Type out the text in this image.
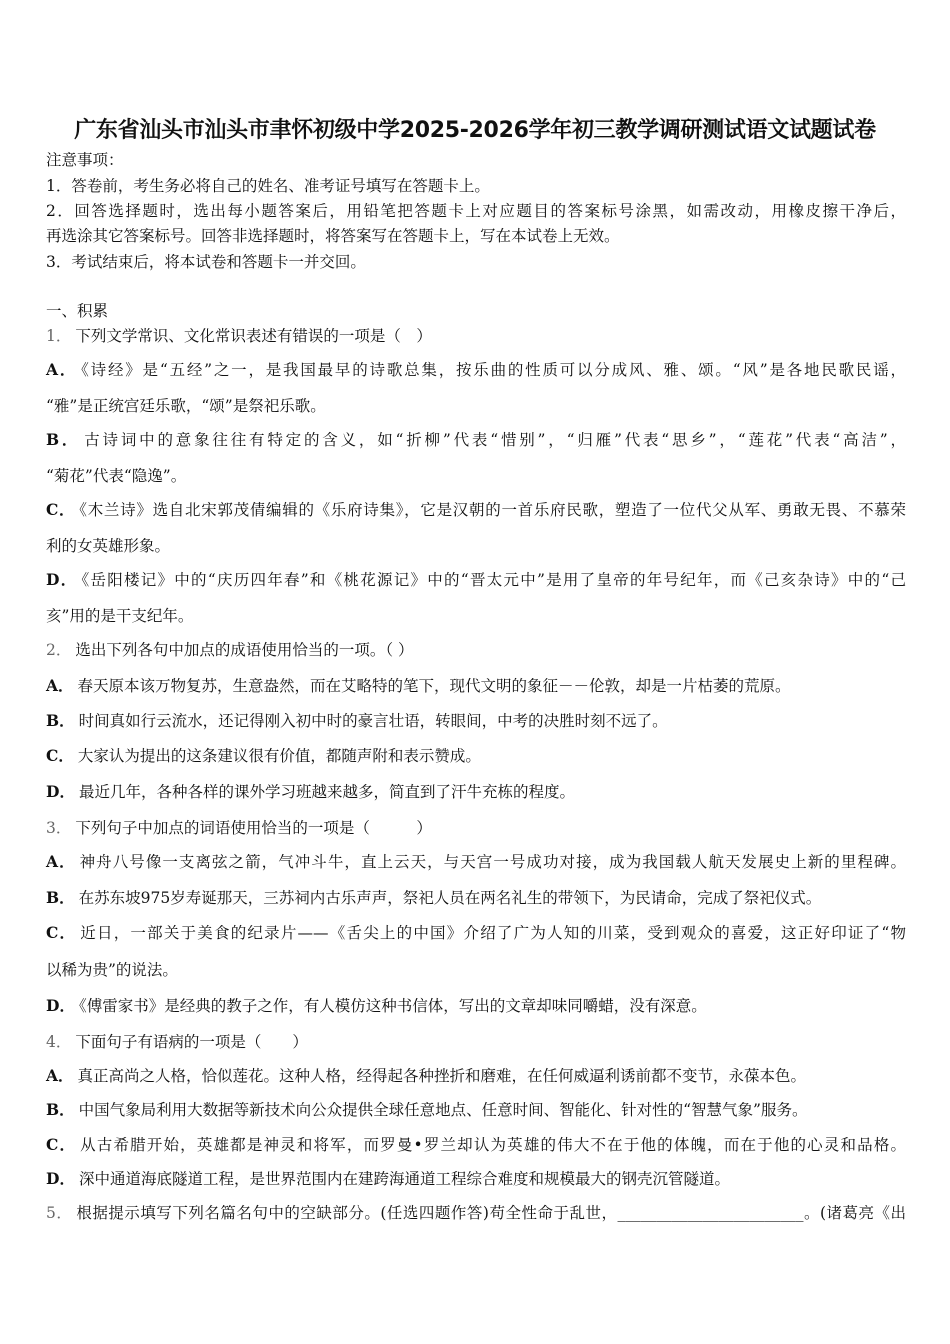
广东省汕头市汕头市聿怀初级中学2025-2026学年初三教学调研测试语文试题试卷
注意事项：
1．答卷前，考生务必将自己的姓名、准考证号填写在答题卡上。
2．回答选择题时，选出每小题答案后，用铅笔把答题卡上对应题目的答案标号涂黑，如需改动，用橡皮擦干净后，
再选涂其它答案标号。回答非选择题时，将答案写在答题卡上，写在本试卷上无效。
3．考试结束后，将本试卷和答题卡一并交回。
一、积累
1． 下列文学常识、文化常识表述有错误的一项是（　）
A． 《诗经》是“五经”之一，是我国最早的诗歌总集，按乐曲的性质可以分成风、雅、颂。“风”是各地民歌民谣，
“雅”是正统宫廷乐歌，“颂”是祭祀乐歌。
B． 古诗词中的意象往往有特定的含义，如“折柳”代表“惜别”，“归雁”代表“思乡”，“莲花”代表“高洁”，
“菊花”代表“隐逸”。
C． 《木兰诗》选自北宋郭茂倩编辑的《乐府诗集》，它是汉朝的一首乐府民歌，塑造了一位代父从军、勇敢无畏、不慕荣
利的女英雄形象。
D． 《岳阳楼记》中的“庆历四年春”和《桃花源记》中的“晋太元中”是用了皇帝的年号纪年，而《己亥杂诗》中的“己
亥”用的是干支纪年。
2． 选出下列各句中加点的成语使用恰当的一项。（ ）
A． 春天原本该万物复苏，生意盎然，而在艾略特的笔下，现代文明的象征－－伦敦，却是一片枯萎的荒原。
B． 时间真如行云流水，还记得刚入初中时的豪言壮语，转眼间，中考的决胜时刻不远了。
C． 大家认为提出的这条建议很有价值，都随声附和表示赞成。
D． 最近几年，各种各样的课外学习班越来越多，简直到了汗牛充栋的程度。
3． 下列句子中加点的词语使用恰当的一项是（　　　）
A． 神舟八号像一支离弦之箭，气冲斗牛，直上云天，与天宫一号成功对接，成为我国载人航天发展史上新的里程碑。
B． 在苏东坡975岁寿诞那天，三苏祠内古乐声声，祭祀人员在两名礼生的带领下，为民请命，完成了祭祀仪式。
C． 近日，一部关于美食的纪录片——《舌尖上的中国》介绍了广为人知的川菜，受到观众的喜爱，这正好印证了“物
以稀为贵”的说法。
D． 《傅雷家书》是经典的教子之作，有人模仿这种书信体，写出的文章却味同嚼蜡，没有深意。
4． 下面句子有语病的一项是（　　）
A． 真正高尚之人格，恰似莲花。这种人格，经得起各种挫折和磨难，在任何威逼利诱前都不变节，永葆本色。
B． 中国气象局利用大数据等新技术向公众提供全球任意地点、任意时间、智能化、针对性的“智慧气象”服务。
C． 从古希腊开始，英雄都是神灵和将军，而罗曼•罗兰却认为英雄的伟大不在于他的体魄，而在于他的心灵和品格。
D． 深中通道海底隧道工程，是世界范围内在建跨海通道工程综合难度和规模最大的钢壳沉管隧道。
5． 根据提示填写下列名篇名句中的空缺部分。(任选四题作答)苟全性命于乱世，________________________。(诸葛亮《出
